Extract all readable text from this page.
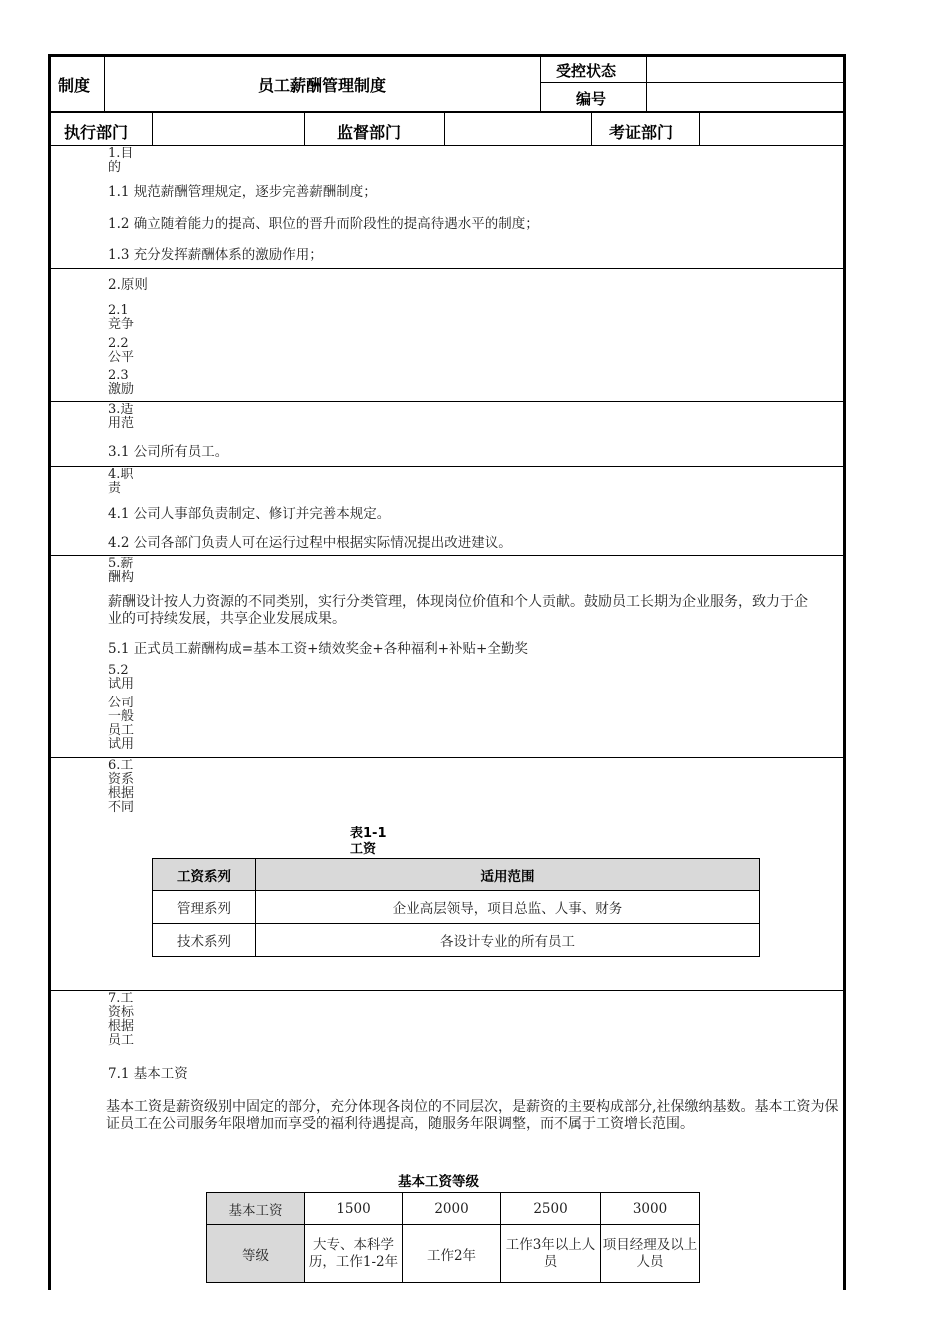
制度	员工薪酬管理制度
受控状态
编号
执行部门	监督部门	考证部门
1.目的
1.1 规范薪酬管理规定，逐步完善薪酬制度；
1.2 确立随着能力的提高、职位的晋升而阶段性的提高待遇水平的制度；
1.3 充分发挥薪酬体系的激励作用；
2.原则
2.1 竞争
2.2 公平
2.3 激励
3.适用范
3.1 公司所有员工。
4.职责
4.1 公司人事部负责制定、修订并完善本规定。
4.2 公司各部门负责人可在运行过程中根据实际情况提出改进建议。
5.薪酬构
薪酬设计按人力资源的不同类别，实行分类管理，体现岗位价值和个人贡献。鼓励员工长期为企业服务，致力于企业的可持续发展，共享企业发展成果。
5.1 正式员工薪酬构成=基本工资+绩效奖金+各种福利+补贴+全勤奖
5.2 试用
公司一般员工试用
6.工资系根据不同
表1-1 工资
工资系列	适用范围
管理系列	企业高层领导，项目总监、人事、财务
技术系列	各设计专业的所有员工
7.工资标根据员工
7.1 基本工资
基本工资是薪资级别中固定的部分，充分体现各岗位的不同层次，是薪资的主要构成部分,社保缴纳基数。基本工资为保证员工在公司服务年限增加而享受的福利待遇提高，随服务年限调整，而不属于工资增长范围。
基本工资等级
基本工资	1500	2000	2500	3000
等级	大专、本科学历，工作1-2年	工作2年	工作3年以上人员	项目经理及以上人员
